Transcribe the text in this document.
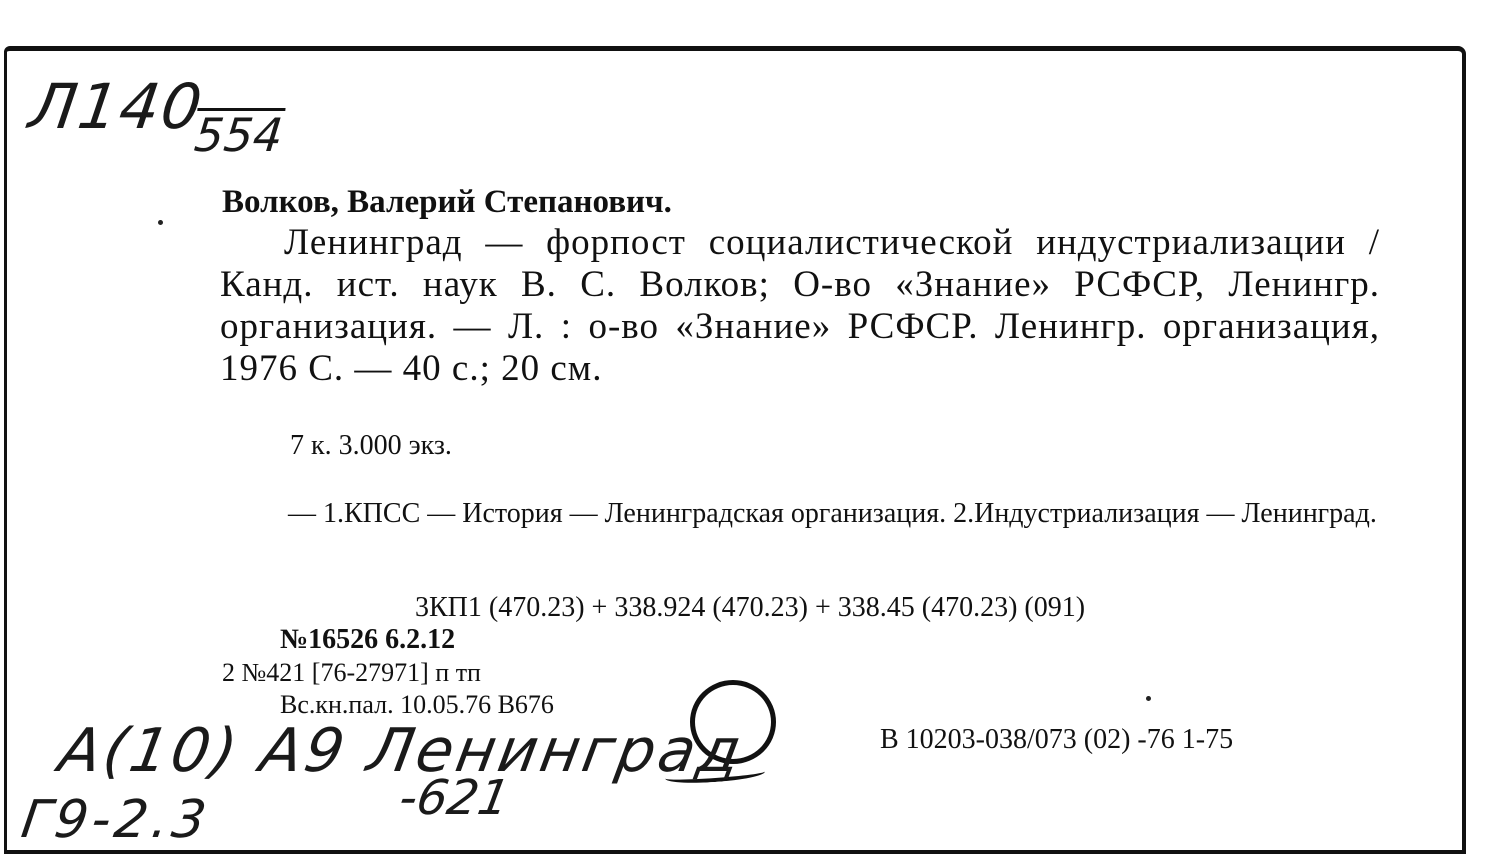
Л140
554
Волков, Валерий Степанович.
Ленинград — форпост социалистической индустриализации / Канд. ист. наук В. С. Волков; О-во «Знание» РСФСР, Ленингр. организация. — Л. : о-во «Знание» РСФСР. Ленингр. организация, 1976 С. — 40 с.; 20 см.
7 к. 3.000 экз.
— 1.КПСС — История — Ленинградская организация. 2.Индустриализация — Ленинград.
3КП1 (470.23) + 338.924 (470.23) + 338.45 (470.23) (091)
№16526 6.2.12
2 №421 [76-27971] п тп
Вс.кн.пал. 10.05.76 В676
В 10203-038/073 (02) -76 1-75
А(10) А9 Ленинград
Г9-2.3	-621
